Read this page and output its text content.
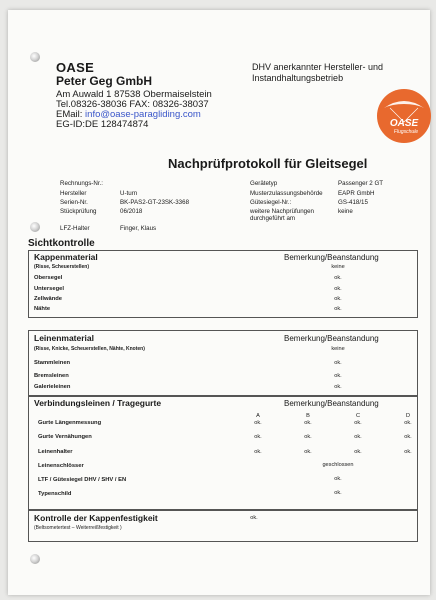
OASE
Peter Geg GmbH
Am Auwald 1 87538 Obermaiselstein
Tel.08326-38036 FAX: 08326-38037
EMail: info@oase-paragliding.com
EG-ID:DE 128474874
DHV anerkannter Hersteller- und Instandhaltungsbetrieb
OASE
Flugschule
Nachprüfprotokoll für Gleitsegel
Rechnungs-Nr.:
Hersteller	U-turn
Serien-Nr.	BK-PAS2-GT-23SK-3368
Stückprüfung	06/2018
LFZ-Halter	Finger, Klaus
Gerätetyp	Passenger 2 GT
Musterzulassungsbehörde EAPR GmbH
Gütesiegel-Nr.:	GS-418/15
weitere Nachprüfungen durchgeführt am
keine
Sichtkontrolle
Kappenmaterial	Bemerkung/Beanstandung
(Risse, Scheuerstellen)	keine
Obersegel	ok.
Untersegel	ok.
Zellwände	ok.
Nähte	ok.
Leinenmaterial	Bemerkung/Beanstandung
(Risse, Knicke, Scheuerstellen, Nähte, Knoten)	keine
Stammleinen	ok.
Bremsleinen	ok.
Galerieleinen	ok.
Verbindungsleinen / Tragegurte	Bemerkung/Beanstandung
A	B	C	D
Gurte Längenmessung	ok.	ok.	ok.	ok.
Gurte Vernähungen	ok.	ok.	ok.	ok.
Leinenhalter	ok.	ok.	ok.	ok.
Leinenschlösser	geschlossen
LTF / Gütesiegel DHV / SHV / EN	ok.
Typenschild	ok.
Kontrolle der Kappenfestigkeit
(Beltsometertest – Weiterreißfestigkeit )
ok.
